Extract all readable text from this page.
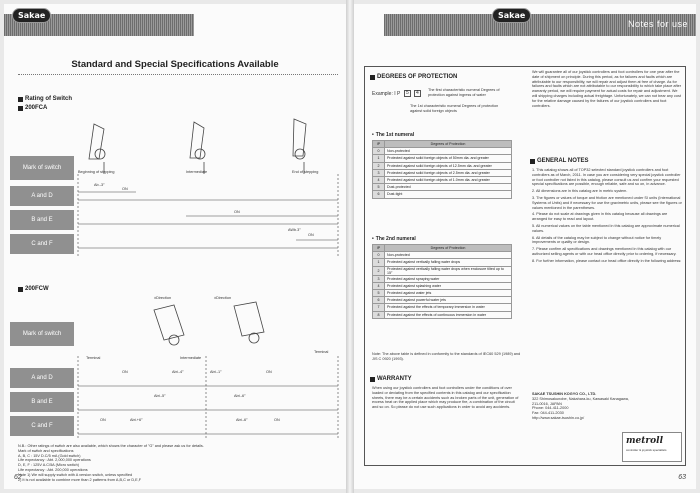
Sakae
Standard and Special Specifications Available
Rating of Switch
200FCA
Mark of switch
A and D
B and E
C and F
Beginning of stepping	Intermediate	End of stepping
Ab.-3°
ON
ON
AWb.3°
ON
200FCW
±Direction	±Direction
Mark of switch
A and D
B and E
C and F
Terminal	Intermediate
Terminal
ON	Abt.-4°	Abt.-1°	ON
Abt.-5°	Abt.-6°
ON	Abt.+6°	Abt.-6°	ON
N.B.: Other ratings of switch are also available, which shows the character of "G" and please ask us for details.
Mark of switch and specifications
A, B, C : 15V D.C/5 mA (Gold switch)
Life expectancy : Abt. 2,000,000 operations
D, E, F : 125V A.C/5A (Micro switch)
Life expectancy : Abt. 200,000 operations
Note 1) We will supply switch with A version switch, unless specified
2) It is not available to combine more than 2 patterns from A,B,C or D,E,F
62
Sakae
Notes for use
DEGREES OF PROTECTION
Example: I P	5	4	The first characteristic numeral Degrees of protection against ingress of water
The 1st characteristic numeral Degrees of protection against solid foreign objects
• The 1st numeral
IP	Degrees of Protection
0	Non-protected
1	Protected against solid foreign objects of 50mm dia. and greater
2	Protected against solid foreign objects of 12.5mm dia. and greater
3	Protected against solid foreign objects of 2.5mm dia. and greater
4	Protected against solid foreign objects of 1.0mm dia. and greater
5	Dust-protected
6	Dust-tight
• The 2nd numeral
IP	Degrees of Protection
0	Non-protected
1	Protected against vertically falling water drops
2	Protected against vertically falling water drops when enclosure tilted up to 15°
3	Protected against spraying water
4	Protected against splashing water
5	Protected against water jets
6	Protected against powerful water jets
7	Protected against the effects of temporary immersion in water
8	Protected against the effects of continuous immersion in water
Note: The above table is defined in conformity to the standards of IEC60 529 (1989) and JIS C 0920 (1993).
WARRANTY
When using our joystick controllers and foot controllers under the conditions of over loaded or deviating from the specified contents in this catalog and our specification sheets, there may be a certain accidents such as broken parts of the unit, generation of excess heat on the applied place which may produce fire, a combination of the circuit and so on. So please do not use such applications in order to avoid any accidents.
We will guarantee all of our joystick controllers and foot controllers for one year after the date of shipment on principle. During this period, as for failures and faults which are attributable to our responsibility, we will repair and adjust them at free of charge. As for failures and faults which are not attributable to our responsibility to which take place after warranty period, we will require payment for actual costs for repair and adjustment. We will shipping charges including actual freightage. Unfortunately, we can not bear any cost for the relative damage caused by the failures of our joystick controllers and foot controllers.
GENERAL NOTES
1. This catalog shows all of TOP32 selected standard joystick controllers and foot controllers as of March, 2011. In case you are considering very special joystick controller or foot controller not listed in this catalog, please consult us and confirm your requested special specifications are possible, enough reliable, safe and so on, in advance.
2. All dimensions are in this catalog are in metric system.
3. The figures or values of torque and friction are mentioned under SI units (International Systems of Units) and if necessary for use the gravimetric units, please see the figures or values mentioned in the parentheses.
4. Please do not scale at drawings given in this catalog because all drawings are arranged for easy to read and layout.
5. All numerical values on the table mentioned in this catalog are approximate numerical values.
6. All details of the catalog may be subject to change without notice for timely improvements or quality or design.
7. Please confirm all specifications and drawings mentioned in this catalog with our authorized selling agents or with our head office directly prior to ordering, if necessary.
8. For further information, please contact our head office directly in the following address:
SAKAE TSUSHIN KOGYO CO., LTD.
322 Shimosakunobe, Nakahara-ku, Kawasaki Kanagawa,
211-0016, JAPAN
Phone: 044-411-2000
Fax: 044-411-2030
http://www.sakae-tsushin.co.jp/
metroll
controller & joystick specialists
63
